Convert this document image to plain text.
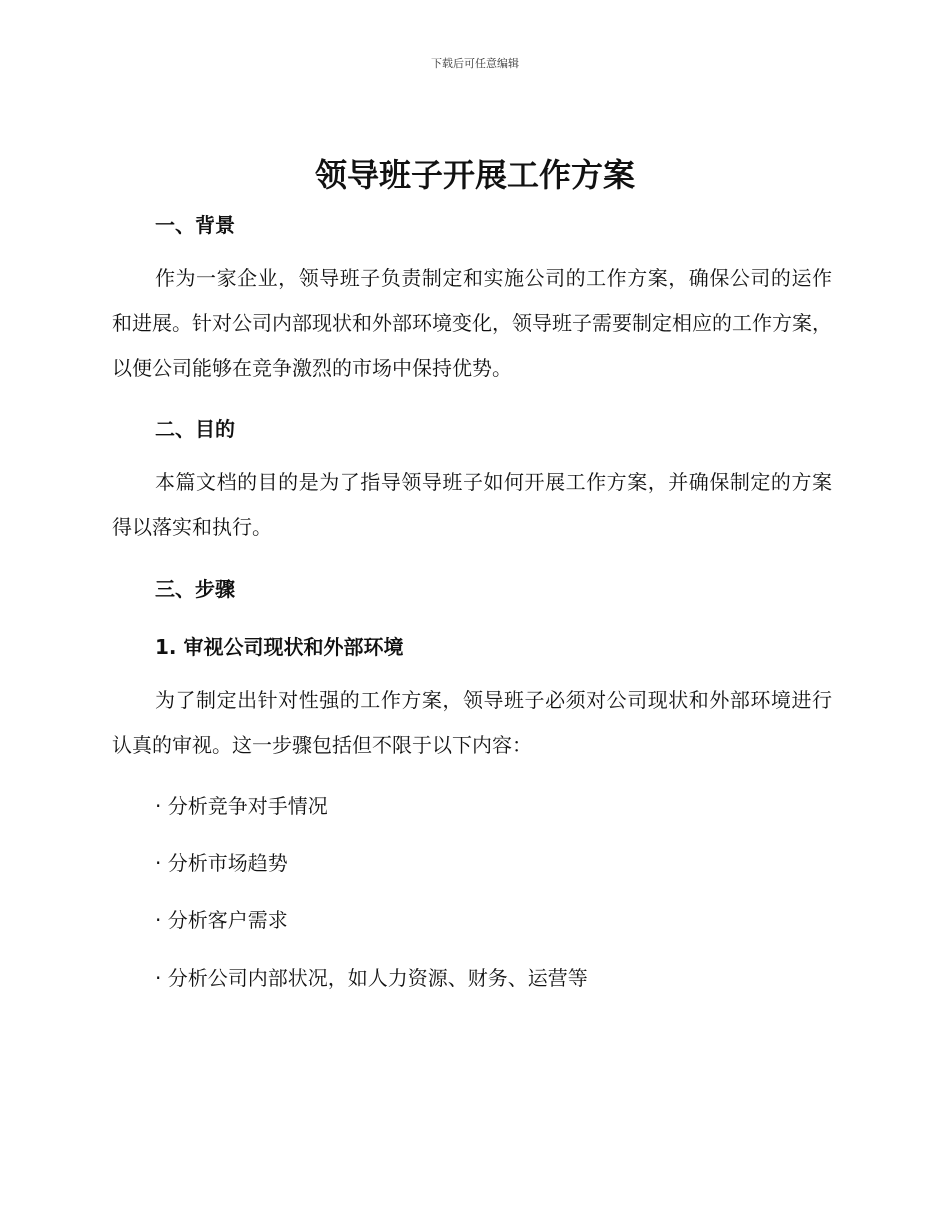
下载后可任意编辑
领导班子开展工作方案
一、背景
作为一家企业，领导班子负责制定和实施公司的工作方案，确保公司的运作和进展。针对公司内部现状和外部环境变化，领导班子需要制定相应的工作方案，以便公司能够在竞争激烈的市场中保持优势。
二、目的
本篇文档的目的是为了指导领导班子如何开展工作方案，并确保制定的方案得以落实和执行。
三、步骤
1. 审视公司现状和外部环境
为了制定出针对性强的工作方案，领导班子必须对公司现状和外部环境进行认真的审视。这一步骤包括但不限于以下内容：
· 分析竞争对手情况
· 分析市场趋势
· 分析客户需求
· 分析公司内部状况，如人力资源、财务、运营等
